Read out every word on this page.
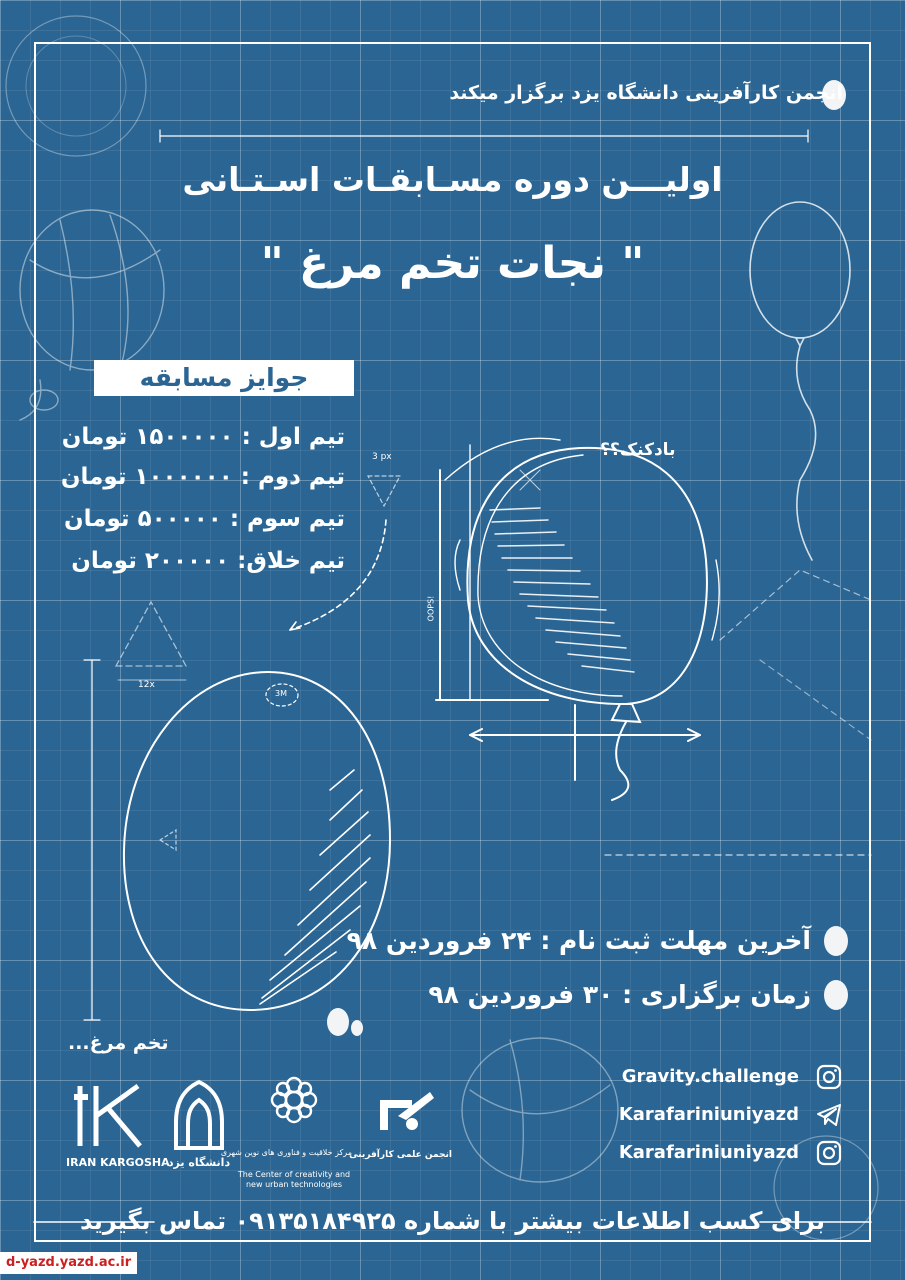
3 px
12x
3M
OOPS!
انجمن کارآفرینی دانشگاه یزد برگزار میکند
اولیـــن دوره مسـابقـات اسـتـانی
" نجات تخم مرغ "
جوایز مسابقه
تیم اول : ۱۵۰۰۰۰۰ تومان
تیم دوم : ۱۰۰۰۰۰۰ تومان
تیم سوم : ۵۰۰۰۰۰ تومان
تیم خلاق: ۲۰۰۰۰۰ تومان
بادکنک؟؟
تخم مرغ...
آخرین مهلت ثبت نام : ۲۴ فروردین ۹۸
زمان برگزاری : ۳۰ فروردین ۹۸
Gravity.challenge
Karafariniuniyazd
Karafariniuniyazd
IRAN KARGOSHA
دانشگاه یزد
مرکز خلاقیت و فناوری های نوین شهری
The Center of creativity and
new urban technologies
انجمن علمی کارآفرینی
برای کسب اطلاعات بیشتر با شماره ۰۹۱۳۵۱۸۴۹۲۵ تماس بگیرید
d-yazd.yazd.ac.ir
